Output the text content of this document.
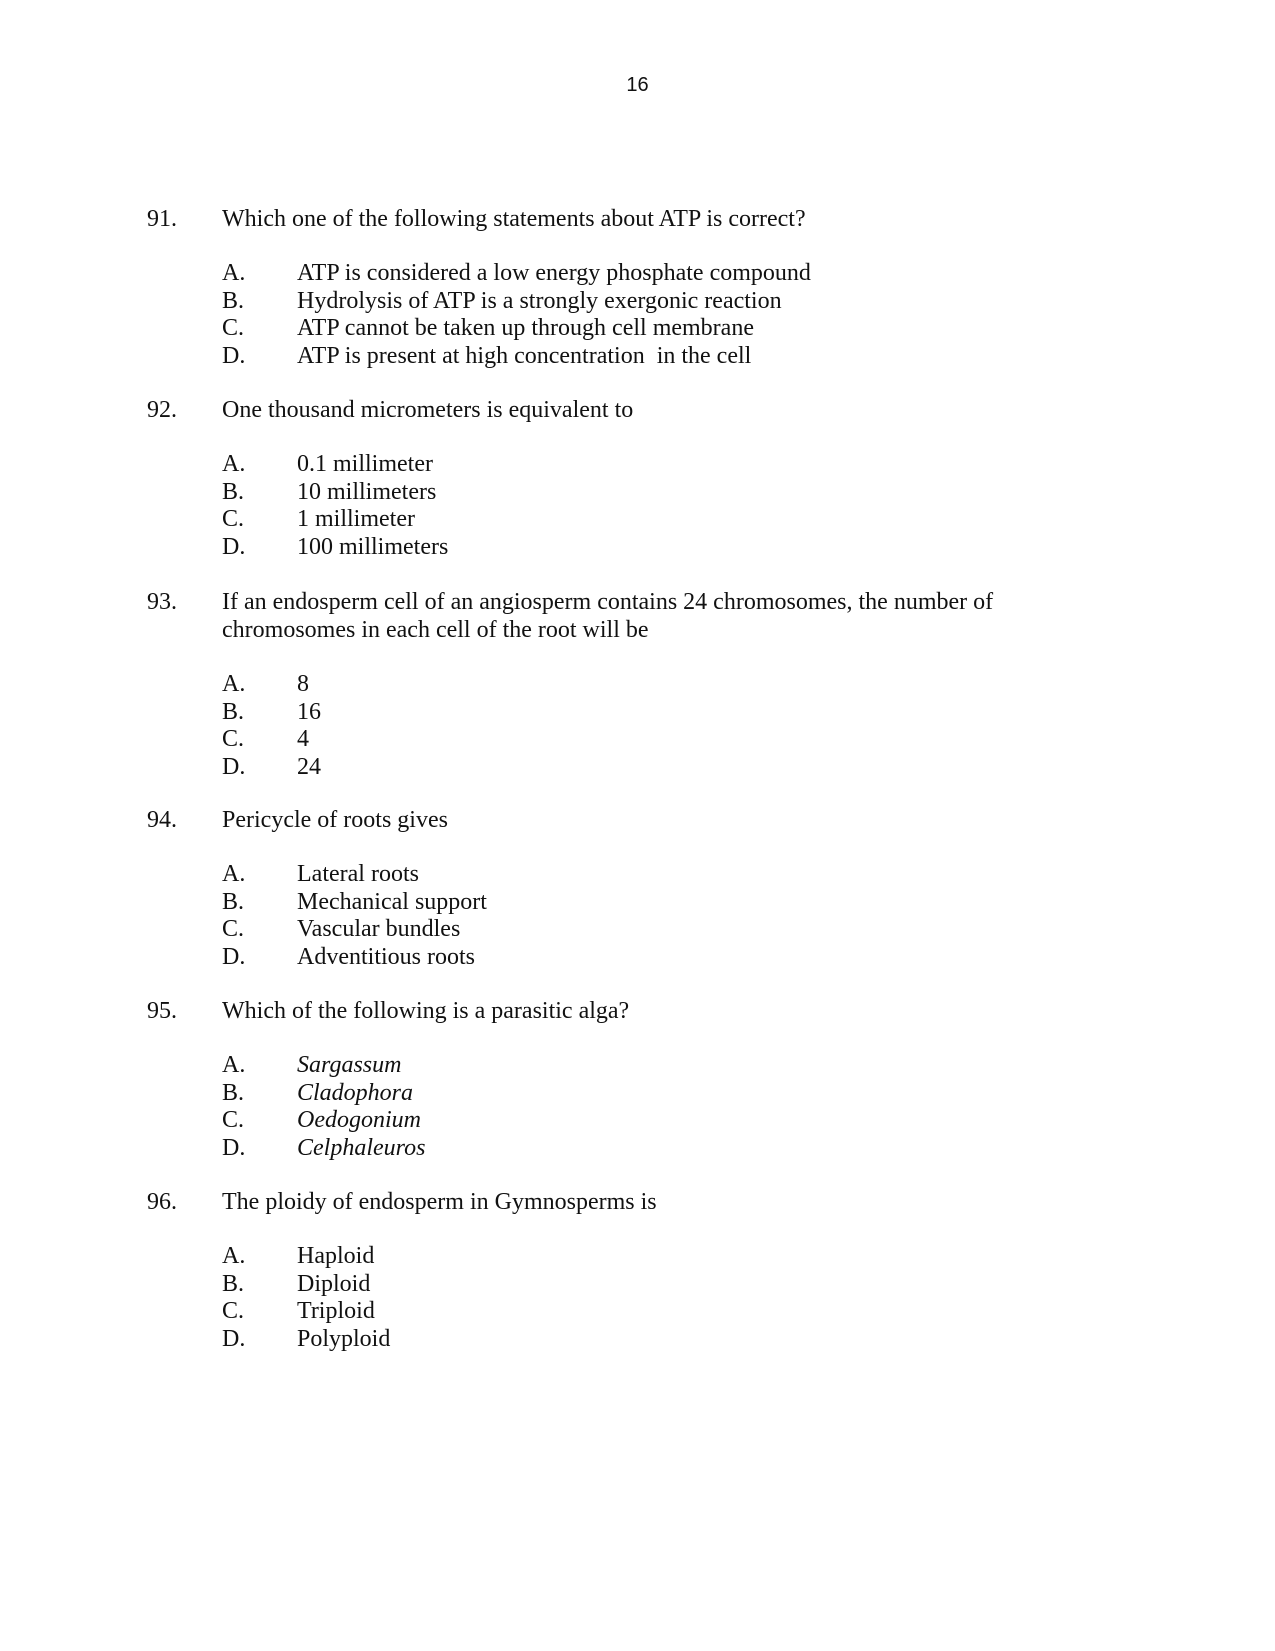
16
91. Which one of the following statements about ATP is correct?
A. ATP is considered a low energy phosphate compound
B. Hydrolysis of ATP is a strongly exergonic reaction
C. ATP cannot be taken up through cell membrane
D. ATP is present at high concentration  in the cell
92. One thousand micrometers is equivalent to
A. 0.1 millimeter
B. 10 millimeters
C. 1 millimeter
D. 100 millimeters
93. If an endosperm cell of an angiosperm contains 24 chromosomes, the number of chromosomes in each cell of the root will be
A. 8
B. 16
C. 4
D. 24
94. Pericycle of roots gives
A. Lateral roots
B. Mechanical support
C. Vascular bundles
D. Adventitious roots
95. Which of the following is a parasitic alga?
A. Sargassum
B. Cladophora
C. Oedogonium
D. Celphaleuros
96. The ploidy of endosperm in Gymnosperms is
A. Haploid
B. Diploid
C. Triploid
D. Polyploid
